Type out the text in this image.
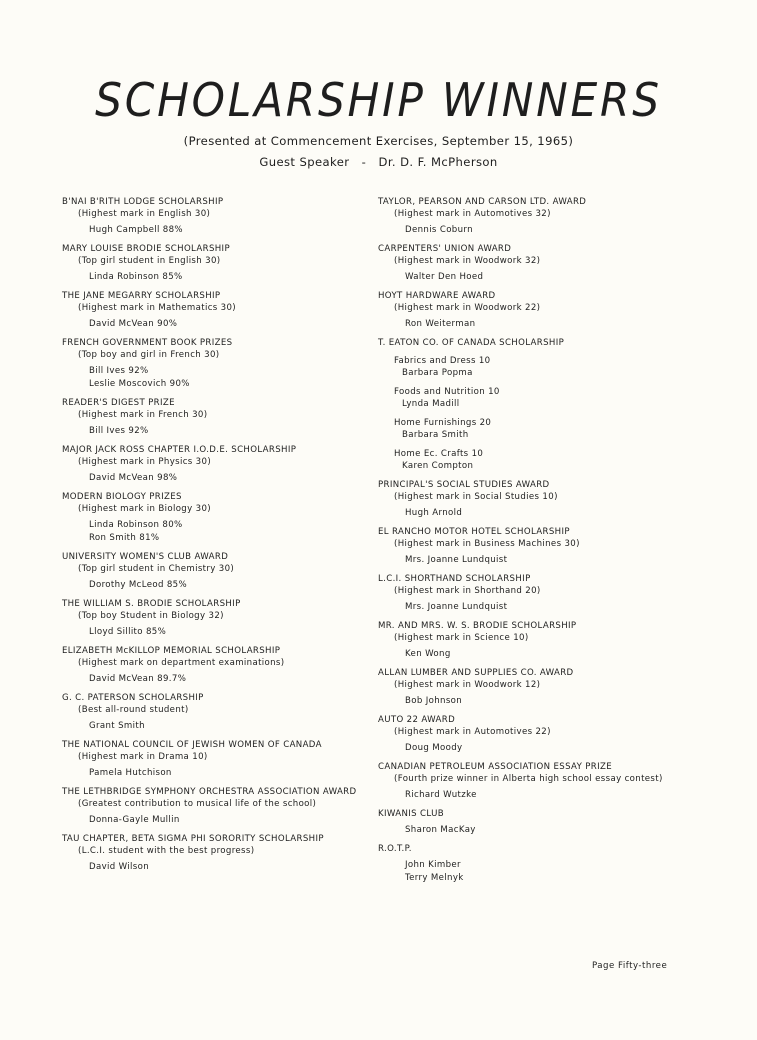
SCHOLARSHIP WINNERS
(Presented at Commencement Exercises, September 15, 1965)
Guest Speaker   -   Dr. D. F. McPherson
B'NAI B'RITH LODGE SCHOLARSHIP
(Highest mark in English 30)
Hugh Campbell 88%
MARY LOUISE BRODIE SCHOLARSHIP
(Top girl student in English 30)
Linda Robinson 85%
THE JANE MEGARRY SCHOLARSHIP
(Highest mark in Mathematics 30)
David McVean 90%
FRENCH GOVERNMENT BOOK PRIZES
(Top boy and girl in French 30)
Bill Ives 92%
Leslie Moscovich 90%
READER'S DIGEST PRIZE
(Highest mark in French 30)
Bill Ives 92%
MAJOR JACK ROSS CHAPTER I.O.D.E. SCHOLARSHIP
(Highest mark in Physics 30)
David McVean 98%
MODERN BIOLOGY PRIZES
(Highest mark in Biology 30)
Linda Robinson 80%
Ron Smith 81%
UNIVERSITY WOMEN'S CLUB AWARD
(Top girl student in Chemistry 30)
Dorothy McLeod 85%
THE WILLIAM S. BRODIE SCHOLARSHIP
(Top boy Student in Biology 32)
Lloyd Sillito 85%
ELIZABETH McKILLOP MEMORIAL SCHOLARSHIP
(Highest mark on department examinations)
David McVean 89.7%
G. C. PATERSON SCHOLARSHIP
(Best all-round student)
Grant Smith
THE NATIONAL COUNCIL OF JEWISH WOMEN OF CANADA
(Highest mark in Drama 10)
Pamela Hutchison
THE LETHBRIDGE SYMPHONY ORCHESTRA ASSOCIATION AWARD
(Greatest contribution to musical life of the school)
Donna-Gayle Mullin
TAU CHAPTER, BETA SIGMA PHI SORORITY SCHOLARSHIP
(L.C.I. student with the best progress)
David Wilson
TAYLOR, PEARSON AND CARSON LTD. AWARD
(Highest mark in Automotives 32)
Dennis Coburn
CARPENTERS' UNION AWARD
(Highest mark in Woodwork 32)
Walter Den Hoed
HOYT HARDWARE AWARD
(Highest mark in Woodwork 22)
Ron Weiterman
T. EATON CO. OF CANADA SCHOLARSHIP
Fabrics and Dress 10
Barbara Popma
Foods and Nutrition 10
Lynda Madill
Home Furnishings 20
Barbara Smith
Home Ec. Crafts 10
Karen Compton
PRINCIPAL'S SOCIAL STUDIES AWARD
(Highest mark in Social Studies 10)
Hugh Arnold
EL RANCHO MOTOR HOTEL SCHOLARSHIP
(Highest mark in Business Machines 30)
Mrs. Joanne Lundquist
L.C.I. SHORTHAND SCHOLARSHIP
(Highest mark in Shorthand 20)
Mrs. Joanne Lundquist
MR. AND MRS. W. S. BRODIE SCHOLARSHIP
(Highest mark in Science 10)
Ken Wong
ALLAN LUMBER AND SUPPLIES CO. AWARD
(Highest mark in Woodwork 12)
Bob Johnson
AUTO 22 AWARD
(Highest mark in Automotives 22)
Doug Moody
CANADIAN PETROLEUM ASSOCIATION ESSAY PRIZE
(Fourth prize winner in Alberta high school essay contest)
Richard Wutzke
KIWANIS CLUB
Sharon MacKay
R.O.T.P.
John Kimber
Terry Melnyk
Page Fifty-three
